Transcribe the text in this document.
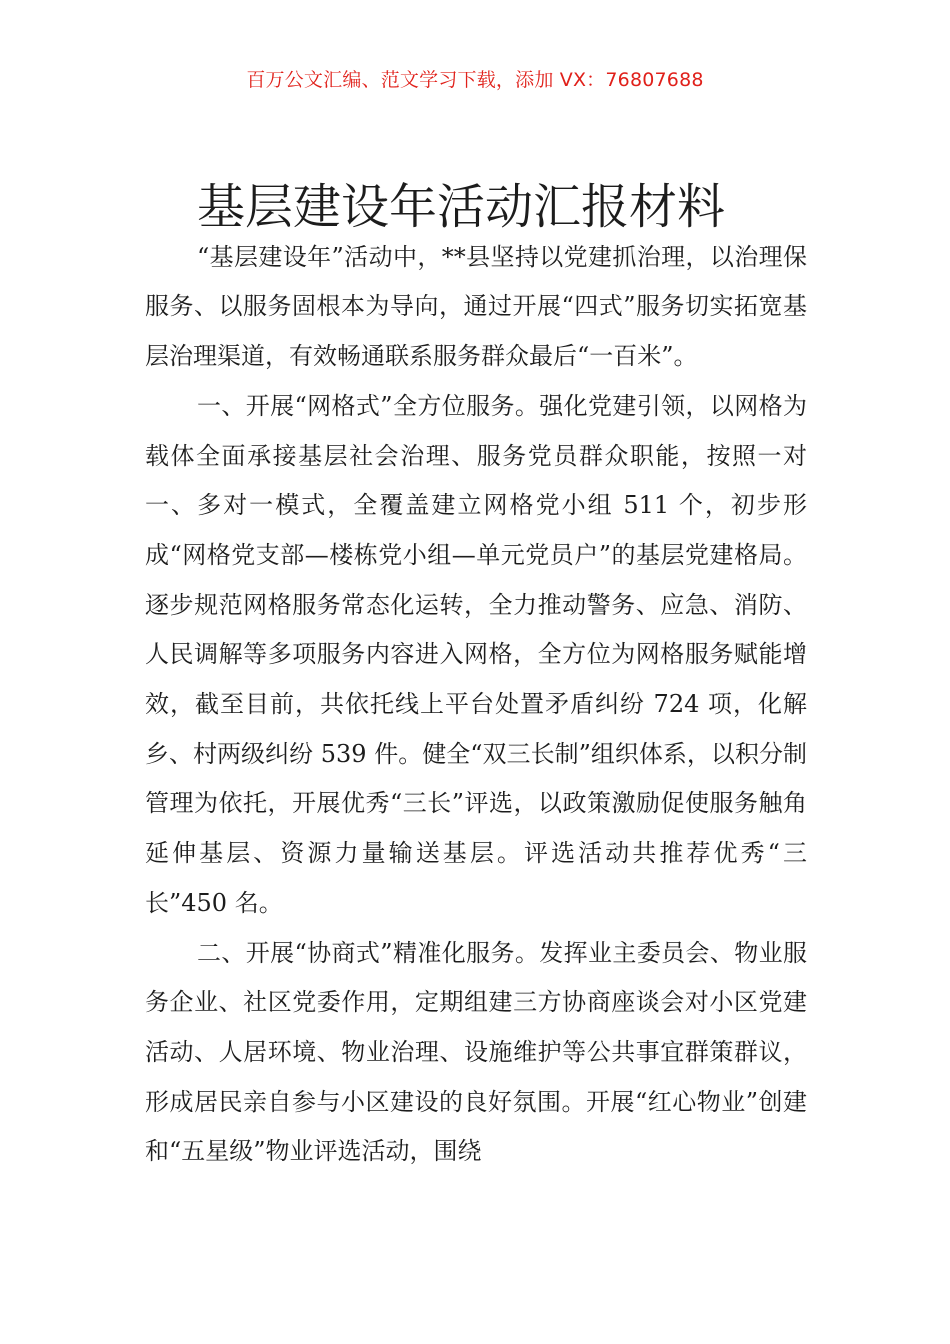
百万公文汇编、范文学习下载，添加 VX：76807688
基层建设年活动汇报材料

“基层建设年”活动中，**县坚持以党建抓治理，以治理保服务、以服务固根本为导向，通过开展“四式”服务切实拓宽基层治理渠道，有效畅通联系服务群众最后“一百米”。

一、开展“网格式”全方位服务。强化党建引领，以网格为载体全面承接基层社会治理、服务党员群众职能，按照一对一、多对一模式，全覆盖建立网格党小组 511 个，初步形成“网格党支部—楼栋党小组—单元党员户”的基层党建格局。逐步规范网格服务常态化运转，全力推动警务、应急、消防、人民调解等多项服务内容进入网格，全方位为网格服务赋能增效，截至目前，共依托线上平台处置矛盾纠纷 724 项，化解乡、村两级纠纷 539 件。健全“双三长制”组织体系，以积分制管理为依托，开展优秀“三长”评选，以政策激励促使服务触角延伸基层、资源力量输送基层。评选活动共推荐优秀“三长”450 名。

二、开展“协商式”精准化服务。发挥业主委员会、物业服务企业、社区党委作用，定期组建三方协商座谈会对小区党建活动、人居环境、物业治理、设施维护等公共事宜群策群议，形成居民亲自参与小区建设的良好氛围。开展“红心物业”创建和“五星级”物业评选活动，围绕
